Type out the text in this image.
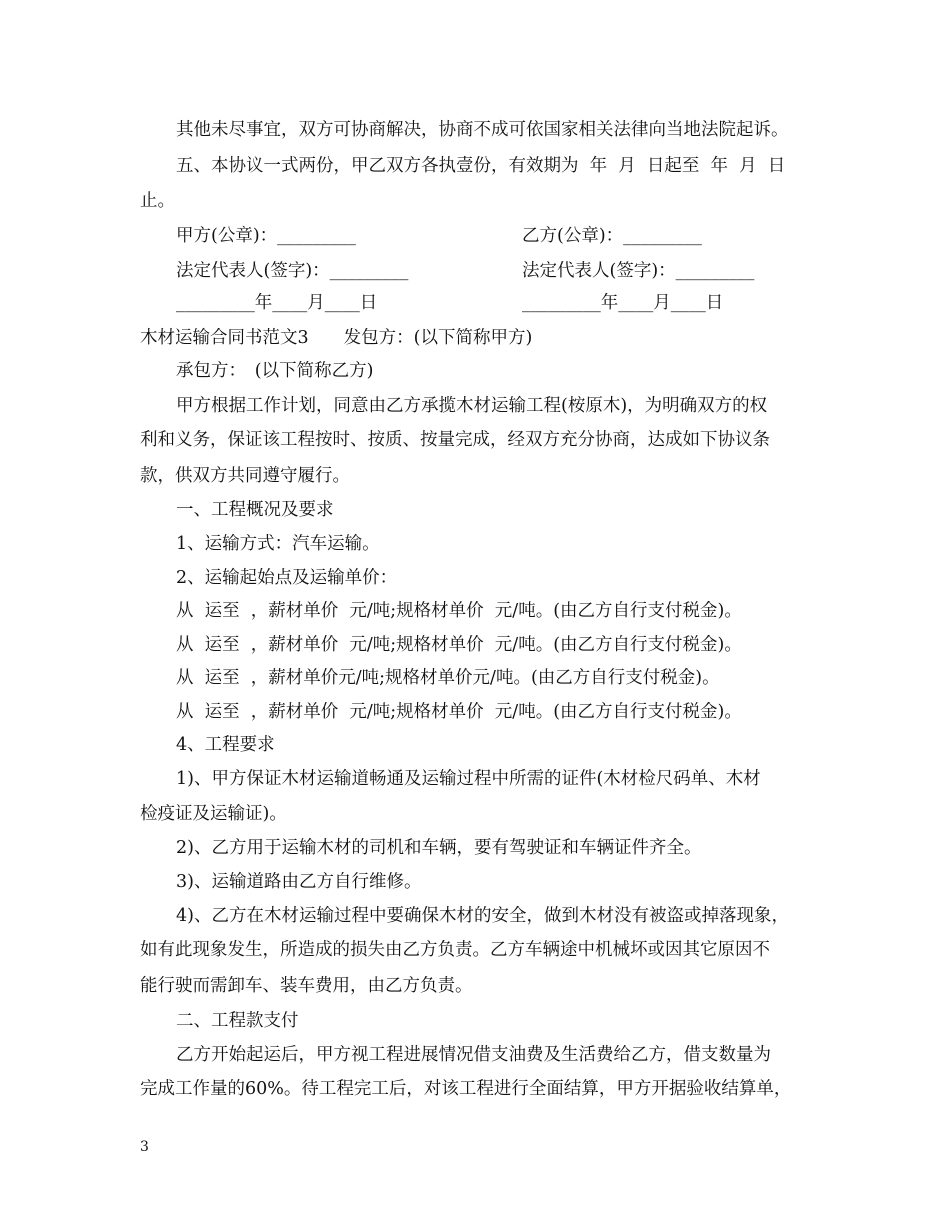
其他未尽事宜，双方可协商解决，协商不成可依国家相关法律向当地法院起诉。
五、本协议一式两份，甲乙双方各执壹份，有效期为  年  月  日起至  年  月  日
止。
甲方(公章)：_________	乙方(公章)：_________
法定代表人(签字)：_________	法定代表人(签字)：_________
_________年____月____日	_________年____月____日
木材运输合同书范文3　　发包方：(以下简称甲方)
承包方：　(以下简称乙方)
甲方根据工作计划，同意由乙方承揽木材运输工程(桉原木)，为明确双方的权
利和义务，保证该工程按时、按质、按量完成，经双方充分协商，达成如下协议条
款，供双方共同遵守履行。
一、工程概况及要求
1、运输方式：汽车运输。
2、运输起始点及运输单价：
从  运至  ，薪材单价  元/吨;规格材单价  元/吨。(由乙方自行支付税金)。
从  运至  ，薪材单价  元/吨;规格材单价  元/吨。(由乙方自行支付税金)。
从  运至  ，薪材单价元/吨;规格材单价元/吨。(由乙方自行支付税金)。
从  运至  ，薪材单价  元/吨;规格材单价  元/吨。(由乙方自行支付税金)。
4、工程要求
1)、甲方保证木材运输道畅通及运输过程中所需的证件(木材检尺码单、木材
检疫证及运输证)。
2)、乙方用于运输木材的司机和车辆，要有驾驶证和车辆证件齐全。
3)、运输道路由乙方自行维修。
4)、乙方在木材运输过程中要确保木材的安全，做到木材没有被盗或掉落现象，
如有此现象发生，所造成的损失由乙方负责。乙方车辆途中机械坏或因其它原因不
能行驶而需卸车、装车费用，由乙方负责。
二、工程款支付
乙方开始起运后，甲方视工程进展情况借支油费及生活费给乙方，借支数量为
完成工作量的60%。待工程完工后，对该工程进行全面结算，甲方开据验收结算单，
3
